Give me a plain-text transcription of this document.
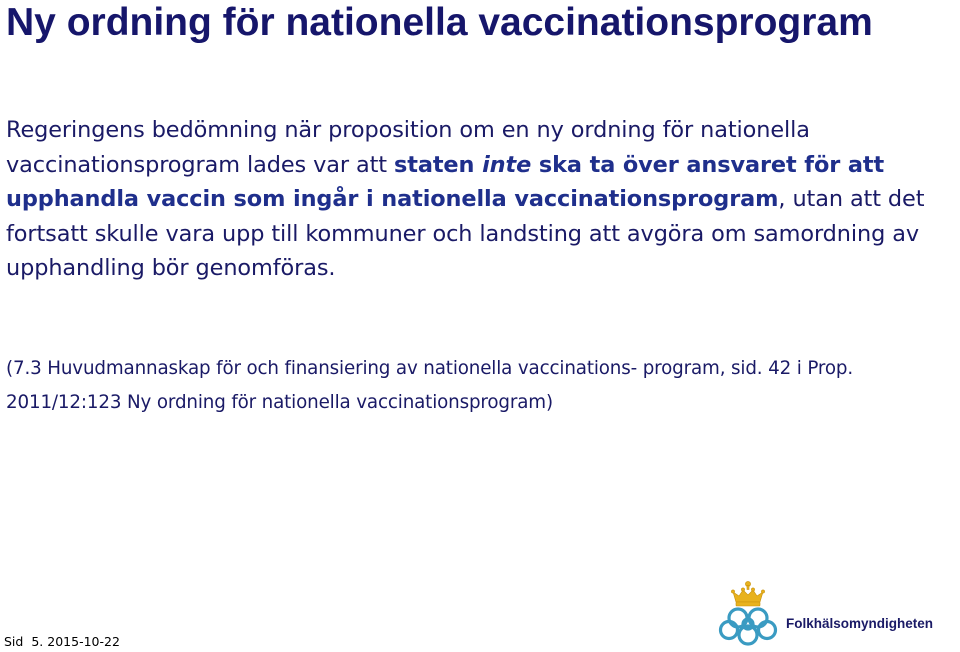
Ny ordning för nationella vaccinationsprogram

Regeringens bedömning när proposition om en ny ordning för nationella vaccinationsprogram lades var att staten inte ska ta över ansvaret för att upphandla vaccin som ingår i nationella vaccinationsprogram, utan att det fortsatt skulle vara upp till kommuner och landsting att avgöra om samordning av upphandling bör genomföras.

(7.3 Huvudmannaskap för och finansiering av nationella vaccinations- program, sid. 42 i Prop. 2011/12:123 Ny ordning för nationella vaccinationsprogram)

Sid 5. 2015-10-22
Folkhälsomyndigheten
